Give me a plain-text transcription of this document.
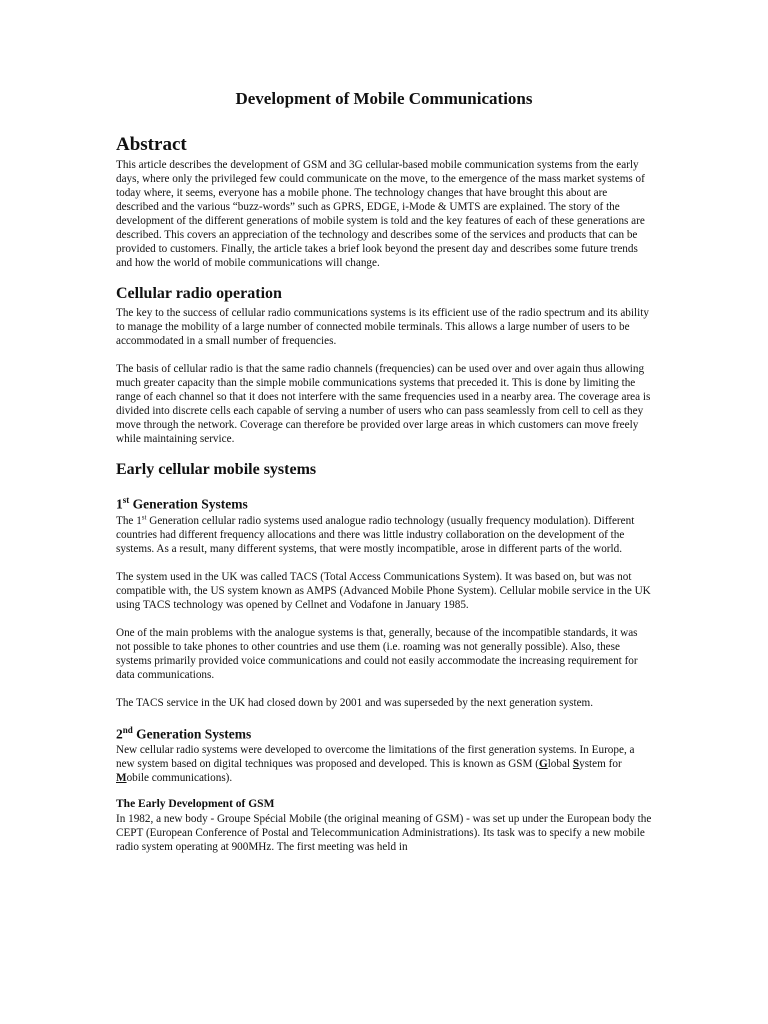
Development of Mobile Communications
Abstract

This article describes the development of GSM and 3G cellular-based mobile communication systems from the early days, where only the privileged few could communicate on the move, to the emergence of the mass market systems of today where, it seems, everyone has a mobile phone. The technology changes that have brought this about are described and the various “buzz-words” such as GPRS, EDGE, i-Mode & UMTS are explained. The story of the development of the different generations of mobile system is told and the key features of each of these generations are described. This covers an appreciation of the technology and describes some of the services and products that can be provided to customers. Finally, the article takes a brief look beyond the present day and describes some future trends and how the world of mobile communications will change.

Cellular radio operation

The key to the success of cellular radio communications systems is its efficient use of the radio spectrum and its ability to manage the mobility of a large number of connected mobile terminals. This allows a large number of users to be accommodated in a small number of frequencies.

The basis of cellular radio is that the same radio channels (frequencies) can be used over and over again thus allowing much greater capacity than the simple mobile communications systems that preceded it. This is done by limiting the range of each channel so that it does not interfere with the same frequencies used in a nearby area. The coverage area is divided into discrete cells each capable of serving a number of users who can pass seamlessly from cell to cell as they move through the network. Coverage can therefore be provided over large areas in which customers can move freely while maintaining service.

Early cellular mobile systems
1st Generation Systems

The 1st Generation cellular radio systems used analogue radio technology (usually frequency modulation). Different countries had different frequency allocations and there was little industry collaboration on the development of the systems. As a result, many different systems, that were mostly incompatible, arose in different parts of the world.

The system used in the UK was called TACS (Total Access Communications System). It was based on, but was not compatible with, the US system known as AMPS (Advanced Mobile Phone System). Cellular mobile service in the UK using TACS technology was opened by Cellnet and Vodafone in January 1985.

One of the main problems with the analogue systems is that, generally, because of the incompatible standards, it was not possible to take phones to other countries and use them (i.e. roaming was not generally possible). Also, these systems primarily provided voice communications and could not easily accommodate the increasing requirement for data communications.

The TACS service in the UK had closed down by 2001 and was superseded by the next generation system.

2nd Generation Systems

New cellular radio systems were developed to overcome the limitations of the first generation systems. In Europe, a new system based on digital techniques was proposed and developed. This is known as GSM (Global System for Mobile communications).

The Early Development of GSM

In 1982, a new body - Groupe Spécial Mobile (the original meaning of GSM) - was set up under the European body the CEPT (European Conference of Postal and Telecommunication Administrations). Its task was to specify a new mobile radio system operating at 900MHz. The first meeting was held in
